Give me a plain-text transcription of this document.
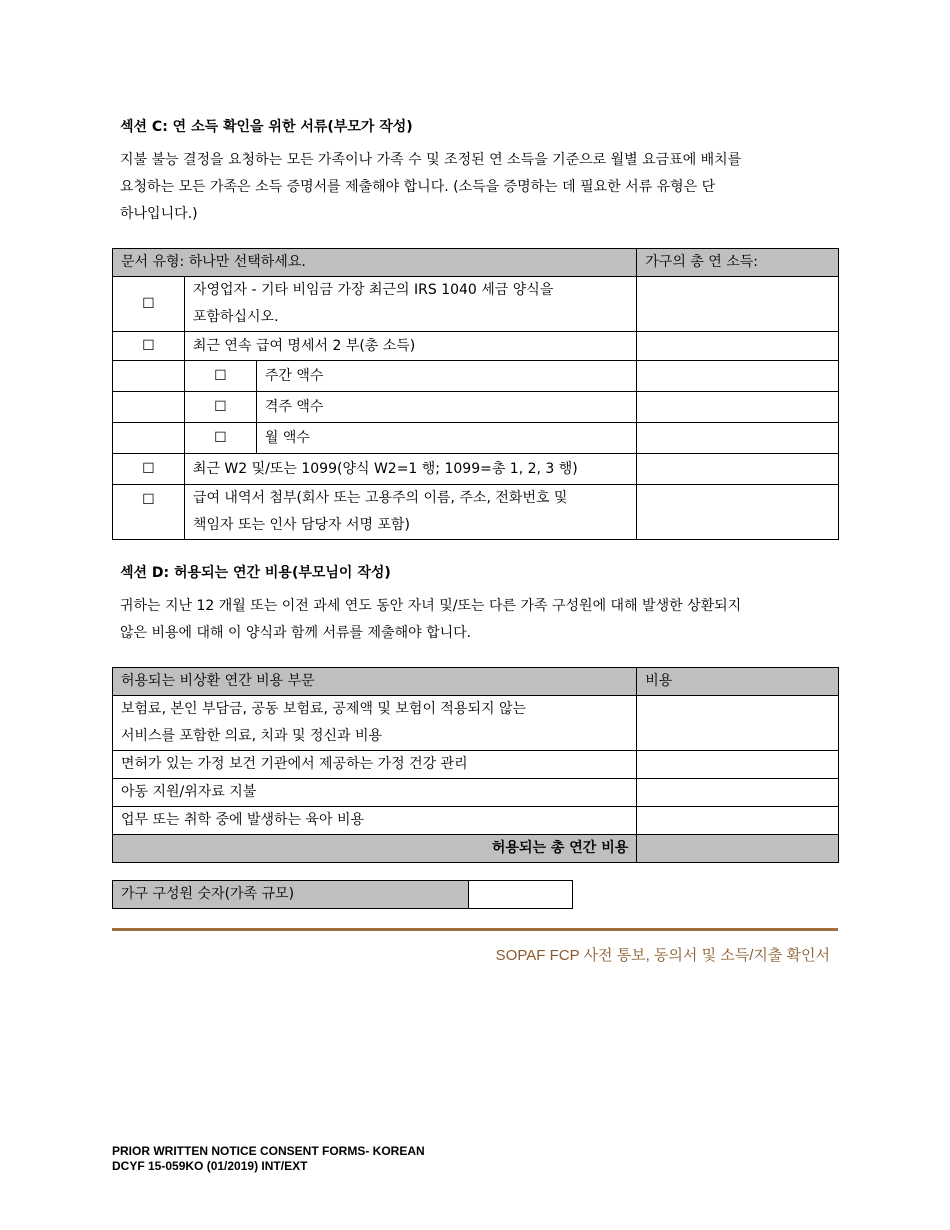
섹션 C: 연 소득 확인을 위한 서류(부모가 작성)
지불 불능 결정을 요청하는 모든 가족이나 가족 수 및 조정된 연 소득을 기준으로 월별 요금표에 배치를
요청하는 모든 가족은 소득 증명서를 제출해야 합니다. (소득을 증명하는 데 필요한 서류 유형은 단
하나입니다.)
문서 유형: 하나만 선택하세요.			가구의 총 연 소득:
☐	자영업자 - 기타 비임금 가장 최근의 IRS 1040 세금 양식을
포함하십시오.		

☐	최근 연속 급여 명세서 2 부(총 소득)		
	☐	주간 액수	
	☐	격주 액수	
	☐	월 액수	
☐	최근 W2 및/또는 1099(양식 W2=1 행; 1099=총 1, 2, 3 행)		
☐	급여 내역서 첨부(회사 또는 고용주의 이름, 주소, 전화번호 및
책임자 또는 인사 담당자 서명 포함)		

섹션 D: 허용되는 연간 비용(부모님이 작성)
귀하는 지난 12 개월 또는 이전 과세 연도 동안 자녀 및/또는 다른 가족 구성원에 대해 발생한 상환되지
않은 비용에 대해 이 양식과 함께 서류를 제출해야 합니다.
허용되는 비상환 연간 비용 부문	비용

보험료, 본인 부담금, 공동 보험료, 공제액 및 보험이 적용되지 않는
서비스를 포함한 의료, 치과 및 정신과 비용	

면허가 있는 가정 보건 기관에서 제공하는 가정 건강 관리	
아동 지원/위자료 지불	
업무 또는 취학 중에 발생하는 육아 비용	
허용되는 총 연간 비용	
가구 구성원 숫자(가족 규모)	
SOPAF FCP 사전 통보, 동의서 및 소득/지출 확인서
PRIOR WRITTEN NOTICE CONSENT FORMS- KOREAN
DCYF 15-059KO (01/2019) INT/EXT
